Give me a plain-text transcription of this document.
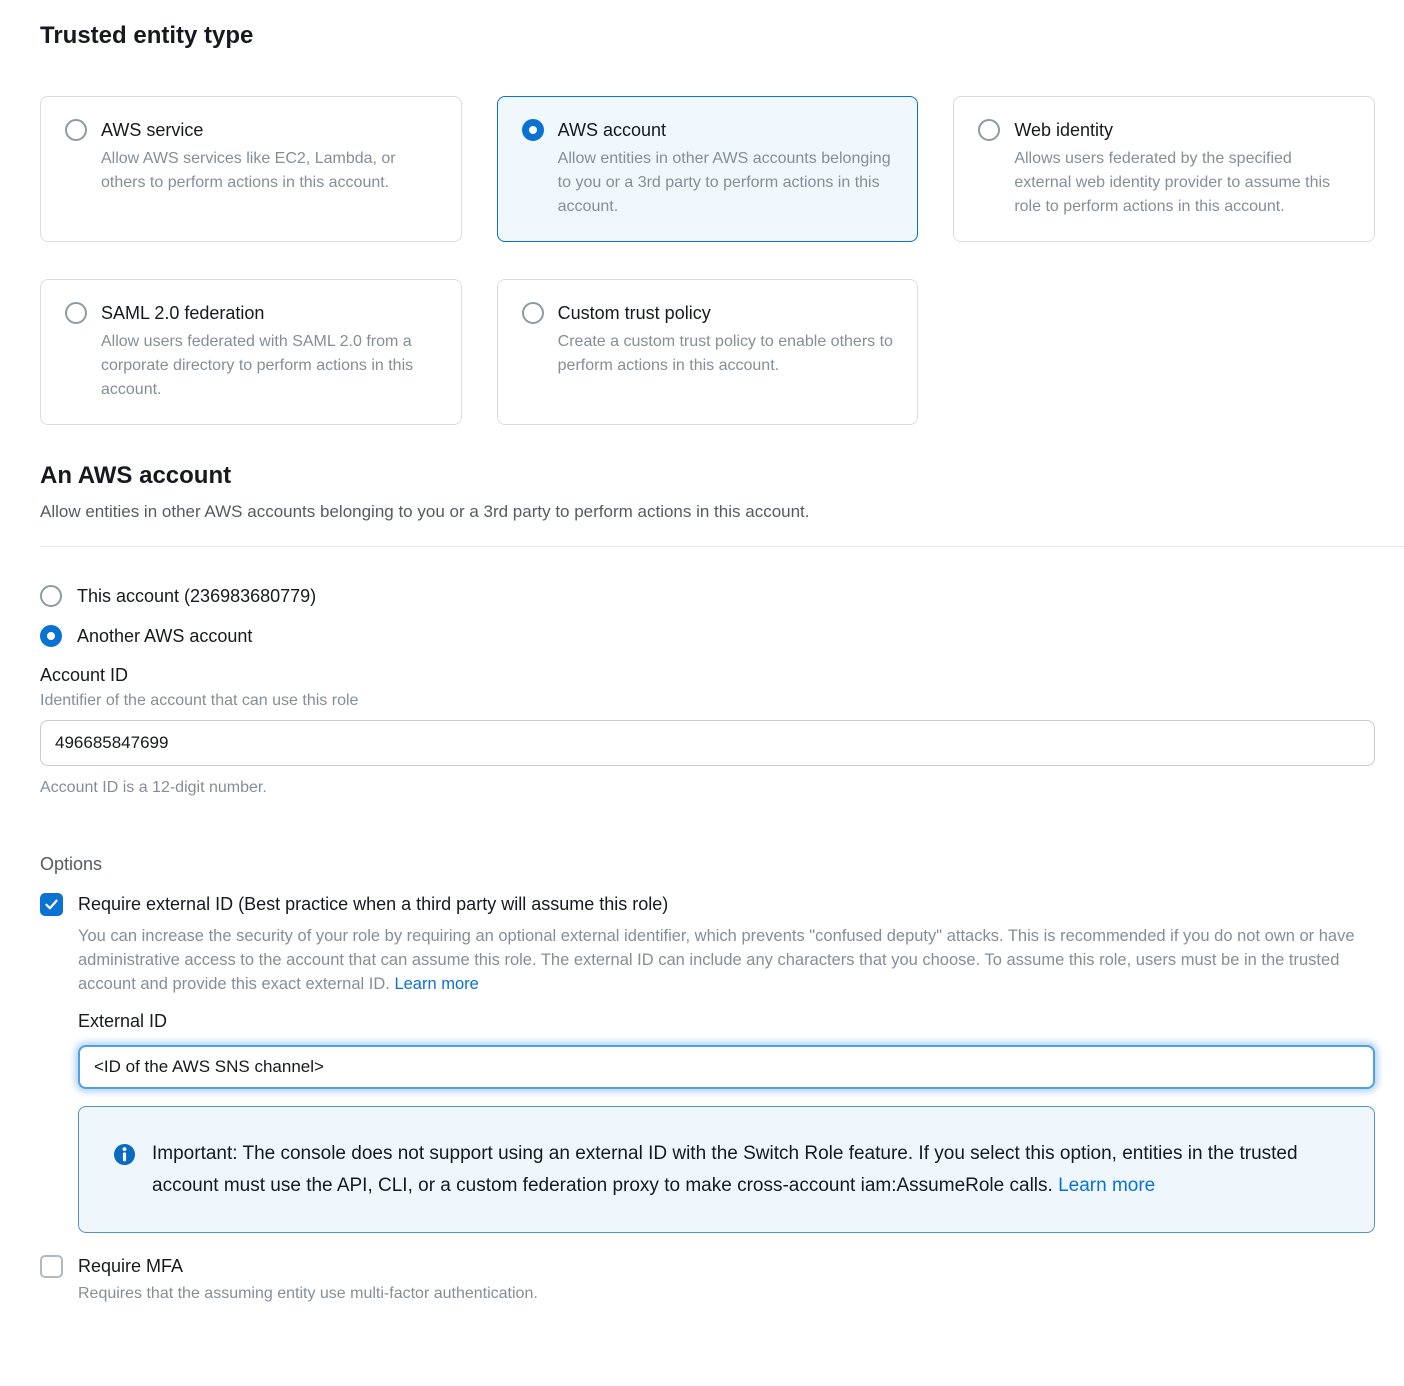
Trusted entity type
AWS service
Allow AWS services like EC2, Lambda, or others to perform actions in this account.
AWS account
Allow entities in other AWS accounts belonging to you or a 3rd party to perform actions in this account.
Web identity
Allows users federated by the specified external web identity provider to assume this role to perform actions in this account.
SAML 2.0 federation
Allow users federated with SAML 2.0 from a corporate directory to perform actions in this account.
Custom trust policy
Create a custom trust policy to enable others to perform actions in this account.
An AWS account

Allow entities in other AWS accounts belonging to you or a 3rd party to perform actions in this account.

This account (236983680779)
Another AWS account
Account ID
Identifier of the account that can use this role
496685847699
Account ID is a 12-digit number.
Options
Require external ID (Best practice when a third party will assume this role)
You can increase the security of your role by requiring an optional external identifier, which prevents "confused deputy" attacks. This is recommended if you do not own or have administrative access to the account that can assume this role. The external ID can include any characters that you choose. To assume this role, users must be in the trusted account and provide this exact external ID. Learn more
External ID
<ID of the AWS SNS channel>
Important: The console does not support using an external ID with the Switch Role feature. If you select this option, entities in the trusted account must use the API, CLI, or a custom federation proxy to make cross-account iam:AssumeRole calls. Learn more
Require MFA
Requires that the assuming entity use multi-factor authentication.
